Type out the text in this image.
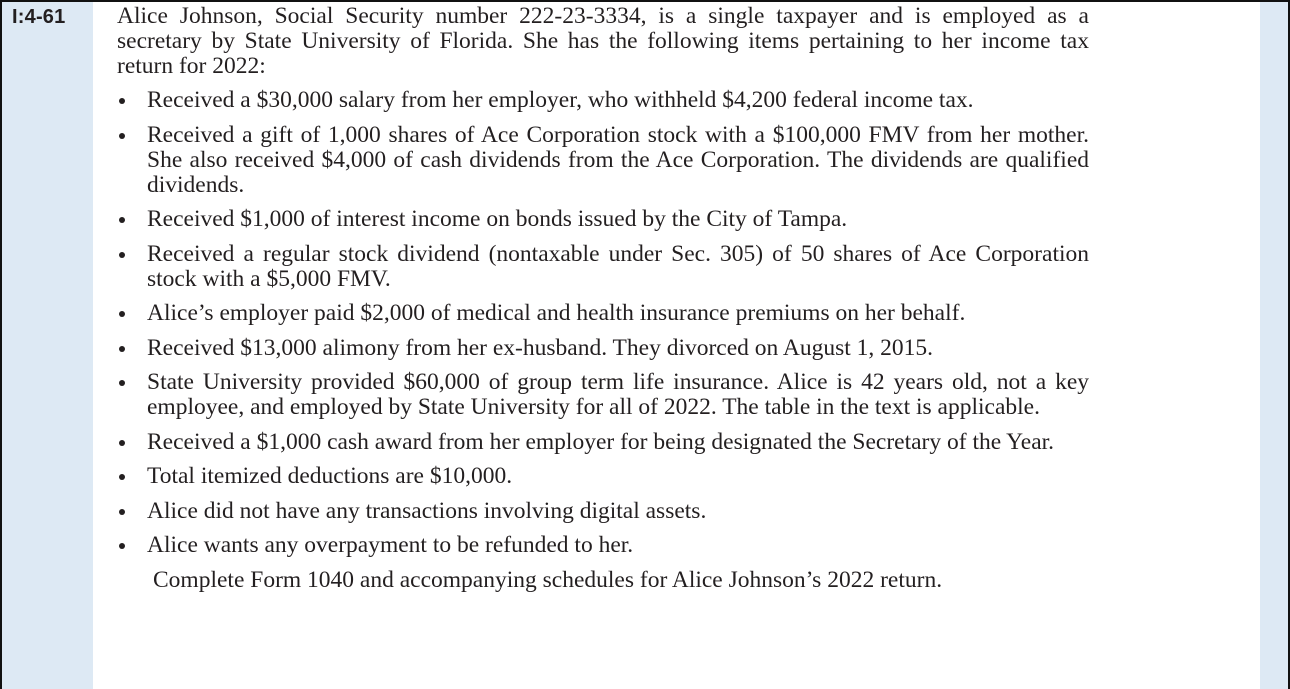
I:4-61 Alice Johnson, Social Security number 222-23-3334, is a single taxpayer and is employed as a secretary by State University of Florida. She has the following items pertaining to her income tax return for 2022:

Received a $30,000 salary from her employer, who withheld $4,200 federal income tax.
Received a gift of 1,000 shares of Ace Corporation stock with a $100,000 FMV from her mother. She also received $4,000 of cash dividends from the Ace Corporation. The dividends are qualified dividends.
Received $1,000 of interest income on bonds issued by the City of Tampa.
Received a regular stock dividend (nontaxable under Sec. 305) of 50 shares of Ace Corporation stock with a $5,000 FMV.
Alice’s employer paid $2,000 of medical and health insurance premiums on her behalf.
Received $13,000 alimony from her ex-husband. They divorced on August 1, 2015.
State University provided $60,000 of group term life insurance. Alice is 42 years old, not a key employee, and employed by State University for all of 2022. The table in the text is applicable.
Received a $1,000 cash award from her employer for being designated the Secretary of the Year.
Total itemized deductions are $10,000.
Alice did not have any transactions involving digital assets.
Alice wants any overpayment to be refunded to her.

Complete Form 1040 and accompanying schedules for Alice Johnson’s 2022 return.
